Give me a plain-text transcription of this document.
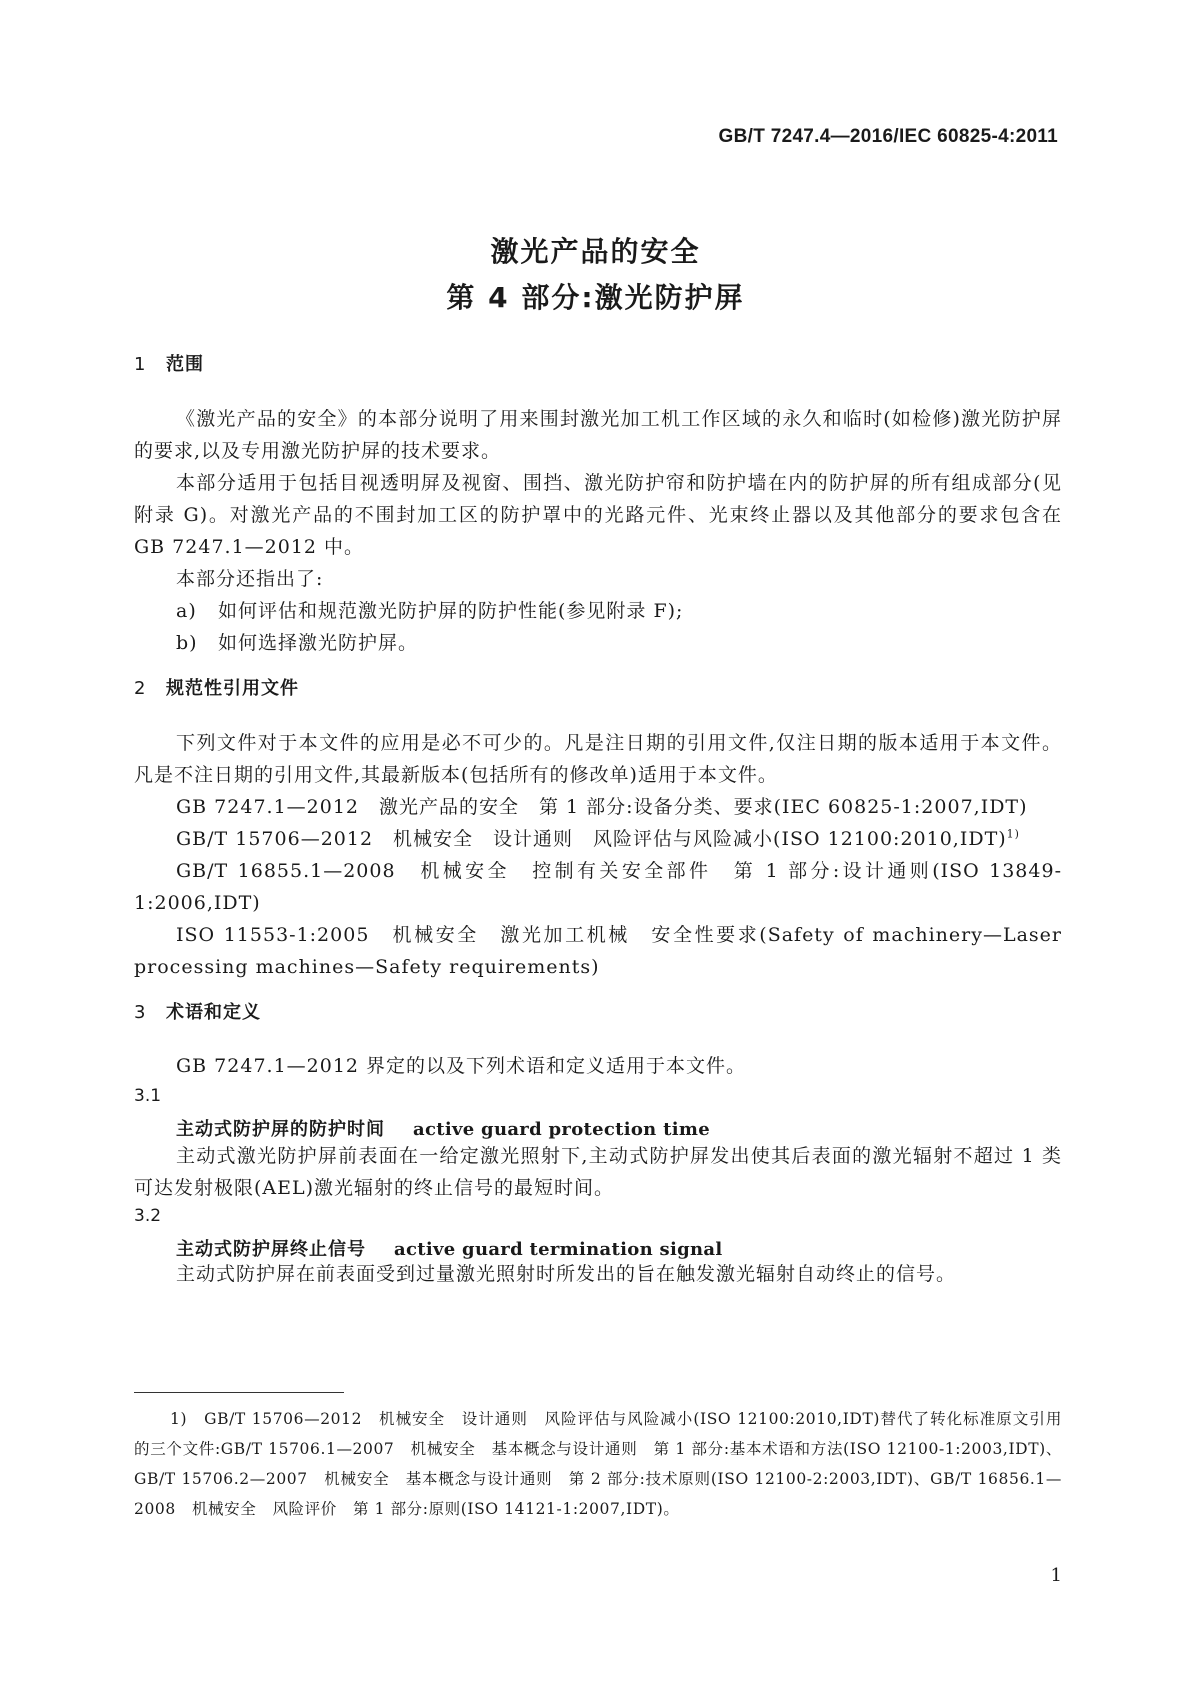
GB/T 7247.4—2016/IEC 60825-4:2011
激光产品的安全
第 4 部分:激光防护屏
1 范围

《激光产品的安全》的本部分说明了用来围封激光加工机工作区域的永久和临时(如检修)激光防护屏的要求,以及专用激光防护屏的技术要求。

本部分适用于包括目视透明屏及视窗、围挡、激光防护帘和防护墙在内的防护屏的所有组成部分(见附录 G)。对激光产品的不围封加工区的防护罩中的光路元件、光束终止器以及其他部分的要求包含在 GB 7247.1—2012 中。

本部分还指出了:

a) 如何评估和规范激光防护屏的防护性能(参见附录 F);

b) 如何选择激光防护屏。

2 规范性引用文件

下列文件对于本文件的应用是必不可少的。凡是注日期的引用文件,仅注日期的版本适用于本文件。凡是不注日期的引用文件,其最新版本(包括所有的修改单)适用于本文件。

GB 7247.1—2012　激光产品的安全　第 1 部分:设备分类、要求(IEC 60825-1:2007,IDT)

GB/T 15706—2012　机械安全　设计通则　风险评估与风险减小(ISO 12100:2010,IDT)$^{1)}$

GB/T 16855.1—2008　机械安全　控制有关安全部件　第 1 部分:设计通则(ISO 13849-1:2006,IDT)

ISO 11553-1:2005　机械安全　激光加工机械　安全性要求(Safety of machinery—Laser processing machines—Safety requirements)

3 术语和定义

GB 7247.1—2012 界定的以及下列术语和定义适用于本文件。

3.1
主动式防护屏的防护时间 active guard protection time

主动式激光防护屏前表面在一给定激光照射下,主动式防护屏发出使其后表面的激光辐射不超过 1 类可达发射极限(AEL)激光辐射的终止信号的最短时间。

3.2
主动式防护屏终止信号 active guard termination signal

主动式防护屏在前表面受到过量激光照射时所发出的旨在触发激光辐射自动终止的信号。

1)　GB/T 15706—2012　机械安全　设计通则　风险评估与风险减小(ISO 12100:2010,IDT)替代了转化标准原文引用的三个文件:GB/T 15706.1—2007　机械安全　基本概念与设计通则　第 1 部分:基本术语和方法(ISO 12100-1:2003,IDT)、GB/T 15706.2—2007　机械安全　基本概念与设计通则　第 2 部分:技术原则(ISO 12100-2:2003,IDT)、GB/T 16856.1—2008　机械安全　风险评价　第 1 部分:原则(ISO 14121-1:2007,IDT)。

1
